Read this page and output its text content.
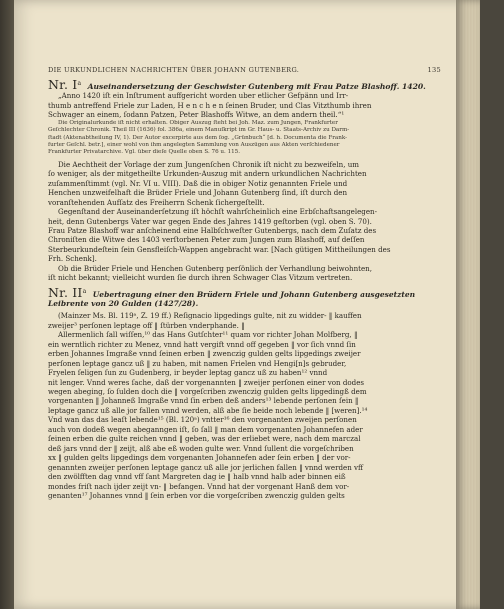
DIE URKUNDLICHEN NACHRICHTEN ÜBER JOHANN GUTENBERG.	135
Nr. $I^a$ Auseinandersetzung der Geschwister Gutenberg mit Frau Patze Blashoff. 1420.

„Anno 1420 iſt ein Inſtrument auffgericht worden uber etlicher Gefpänn und Irr-

thumb antreffend Friele zur Laden, H e n c h e n ſeinen Bruder, und Clas Vitzthumb ihren

Schwager an einem, ſodann Patzen, Peter Blashoffs Witwe, an dem andern theil.“¹

Die Originalurkunde iſt nicht erhalten. Obiger Auszug ſteht bei Joh. Maz. zum Jungen, Frankfurter

Geſchlechter Chronik. Theil III (1636) fol. 386a, einem Manuſkript im Gr. Haus- u. Staats-Archiv zu Darm-

ſtadt (Aktenabtheilung IV, 1). Der Autor excerpirte aus dem ſog. „Grünbuch“ [d. h. Documenta die Frank-

furter Geſchl. betr.], einer wohl von ihm angelegten Sammlung von Auszügen aus Akten verſchiedener

Frankfurter Privatarchive. Vgl. über dieſe Quelle oben S. 76 u. 115.

Die Aechtheit der Vorlage der zum Jungenſchen Chronik iſt nicht zu bezweifeln, um

ſo weniger, als der mitgetheilte Urkunden-Auszug mit andern urkundlichen Nachrichten

zuſammenſtimmt (vgl. Nr. VI u. VIII). Daß die in obiger Notiz genannten Friele und

Henchen unzweifelhaft die Brüder Friele und Johann Gutenberg ſind, iſt durch den

voranſtehenden Aufſatz des Freiherrn Schenk ſichergeſtellt.

Gegenſtand der Auseinanderſetzung iſt höchſt wahrſcheinlich eine Erbſchaftsangelegen-

heit, denn Gutenbergs Vater war gegen Ende des Jahres 1419 geſtorben (vgl. oben S. 70).

Frau Patze Blashoff war anſcheinend eine Halbſchweſter Gutenbergs, nach dem Zuſatz des

Chroniſten die Witwe des 1403 verſtorbenen Peter zum Jungen zum Blashoff, auf deſſen

Sterbeurkundeſtein ſein Gensfleiſch-Wappen angebracht war. [Nach gütigen Mittheilungen des

Frh. Schenk].

Ob die Brüder Friele und Henchen Gutenberg perſönlich der Verhandlung beiwohnten,

iſt nicht bekannt; vielleicht wurden ſie durch ihren Schwager Clas Vitzum vertreten.

Nr. $II^a$ Uebertragung einer den Brüdern Friele und Johann Gutenberg ausgesetzten

Leibrente von 20 Gulden (1427/28).

(Mainzer Ms. Bl. 119ᵃ, Z. 19 ff.) Reſignacio lipgedings gulte, nit zu widder- ‖ kauffen

zweijer³ perſonen leptage off ‖ ſtürben vnderphande. ‖

Allermenlich ſall wiſſen,¹⁰ das Hans Gutſchter¹¹ quam vor richter Johan Molfberg, ‖

ein werntlich richter zu Menez, vnnd hatt vergift vnnd off gegeben ‖ vor ſich vnnd ſin

erben Johannes Imgraße vnnd ſeinen erben ‖ zwenczig gulden gelts lipgedings zweijer

perſonen leptage gancz uß ‖ zu haben, mit namen Frielen vnd Hengi[n]s gebruder,

Fryelen ſeligen ſun zu Gudenberg, ir beyder leptag gancz uß zu haben¹² vnnd

nit lenger. Vnnd weres ſache, daß der vorgenannten ‖ zweijer perſonen einer von dodes

wegen abeging, ſo ſulden doch die ‖ vorgeſcriben zwenczig gulden gelts lipgedingß dem

vorgenanten ‖ Johanneß Imgraße vnnd ſin erben deß anders¹³ lebende perſonen ſein ‖

leptage gancz uß alle jor fallen vnnd werden, alß abe ſie beide noch lebende ‖ [weren].¹⁴

Vnd wan das das leaſt lebende¹⁵ (Bl. 120ᵃ) vntter¹⁶ den vorgenanten zweijen perſonen

auch von dodeß wegen abeganngen iſt, ſo ſall ‖ man dem vorgenanten Johannefen ader

ſeinen erben die gulte reichen vnnd ‖ geben, was der erliebet were, nach dem marczal

deß jars vnnd der ‖ zeijt, alß abe eß woden gulte wer. Vnnd ſullent die vorgeſchriben

xx ‖ gulden gelts lipgedings dem vorgenanten Johannefen ader ſein erben ‖ der vor-

genannten zweijer perſonen leptage gancz uß alle jor jerlichen fallen ‖ vnnd werden vff

den zwölfften dag vnnd vff ſant Margreten dag ie ‖ halb vnnd halb ader binnen eiß

mondes friſt nach ijder zeijt vn- ‖ befangen. Vnnd hat der vorgenant Hanß dem vor-

genanten¹⁷ Johannes vnnd ‖ ſein erben vor die vorgeſcriben zwenczig gulden gelts
